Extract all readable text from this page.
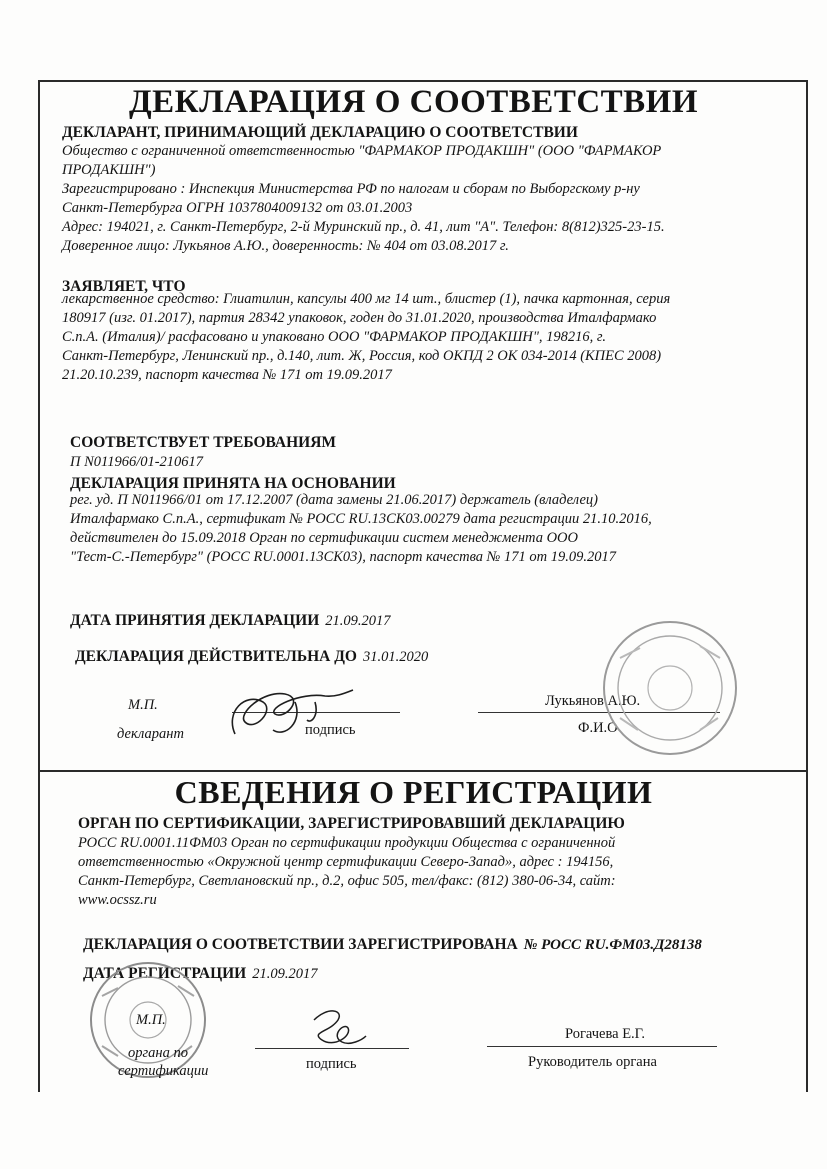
ДЕКЛАРАЦИЯ О СООТВЕТСТВИИ
ДЕКЛАРАНТ, ПРИНИМАЮЩИЙ ДЕКЛАРАЦИЮ О СООТВЕТСТВИИ
Общество с ограниченной ответственностью "ФАРМАКОР ПРОДАКШН" (ООО "ФАРМАКОР
ПРОДАКШН")
Зарегистрировано : Инспекция Министерства РФ по налогам и сборам по Выборгскому р-ну
Санкт-Петербурга ОГРН 1037804009132 от 03.01.2003
Адрес: 194021, г. Санкт-Петербург, 2-й Муринский пр., д. 41, лит "А". Телефон: 8(812)325-23-15.
Доверенное лицо: Лукьянов А.Ю., доверенность: № 404 от 03.08.2017 г.
ЗАЯВЛЯЕТ, ЧТО
лекарственное средство: Глиатилин, капсулы 400 мг 14 шт., блистер (1), пачка картонная, серия
180917 (изг. 01.2017), партия 28342 упаковок, годен до 31.01.2020, производства Италфармако
С.п.А. (Италия)/ расфасовано и упаковано ООО "ФАРМАКОР ПРОДАКШН", 198216, г.
Санкт-Петербург, Ленинский пр., д.140, лит. Ж, Россия, код ОКПД 2 ОК 034-2014 (КПЕС 2008)
21.20.10.239, паспорт качества № 171 от 19.09.2017
СООТВЕТСТВУЕТ ТРЕБОВАНИЯМ
П N011966/01-210617
ДЕКЛАРАЦИЯ ПРИНЯТА НА ОСНОВАНИИ
рег. уд. П N011966/01 от 17.12.2007 (дата замены 21.06.2017) держатель (владелец)
Италфармако С.п.А., сертификат № РОСС RU.13СК03.00279 дата регистрации 21.10.2016,
действителен до 15.09.2018 Орган по сертификации систем менеджмента ООО
"Тест-С.-Петербург" (РОСС RU.0001.13СК03), паспорт качества № 171 от 19.09.2017
ДАТА ПРИНЯТИЯ ДЕКЛАРАЦИИ 21.09.2017
ДЕКЛАРАЦИЯ ДЕЙСТВИТЕЛЬНА ДО 31.01.2020
М.П.
декларант	подпись
Лукьянов А.Ю.
Ф.И.О
СВЕДЕНИЯ О РЕГИСТРАЦИИ
ОРГАН ПО СЕРТИФИКАЦИИ, ЗАРЕГИСТРИРОВАВШИЙ ДЕКЛАРАЦИЮ
РОСС RU.0001.11ФМ03 Орган по сертификации продукции Общества с ограниченной
ответственностью «Окружной центр сертификации Северо-Запад», адрес : 194156,
Санкт-Петербург, Светлановский пр., д.2, офис 505, тел/факс: (812) 380-06-34, сайт:
www.ocssz.ru
ДЕКЛАРАЦИЯ О СООТВЕТСТВИИ ЗАРЕГИСТРИРОВАНА № РОСС RU.ФМ03.Д28138
ДАТА РЕГИСТРАЦИИ 21.09.2017
М.П.
органа по
сертификации	подпись
Рогачева Е.Г.
Руководитель органа
